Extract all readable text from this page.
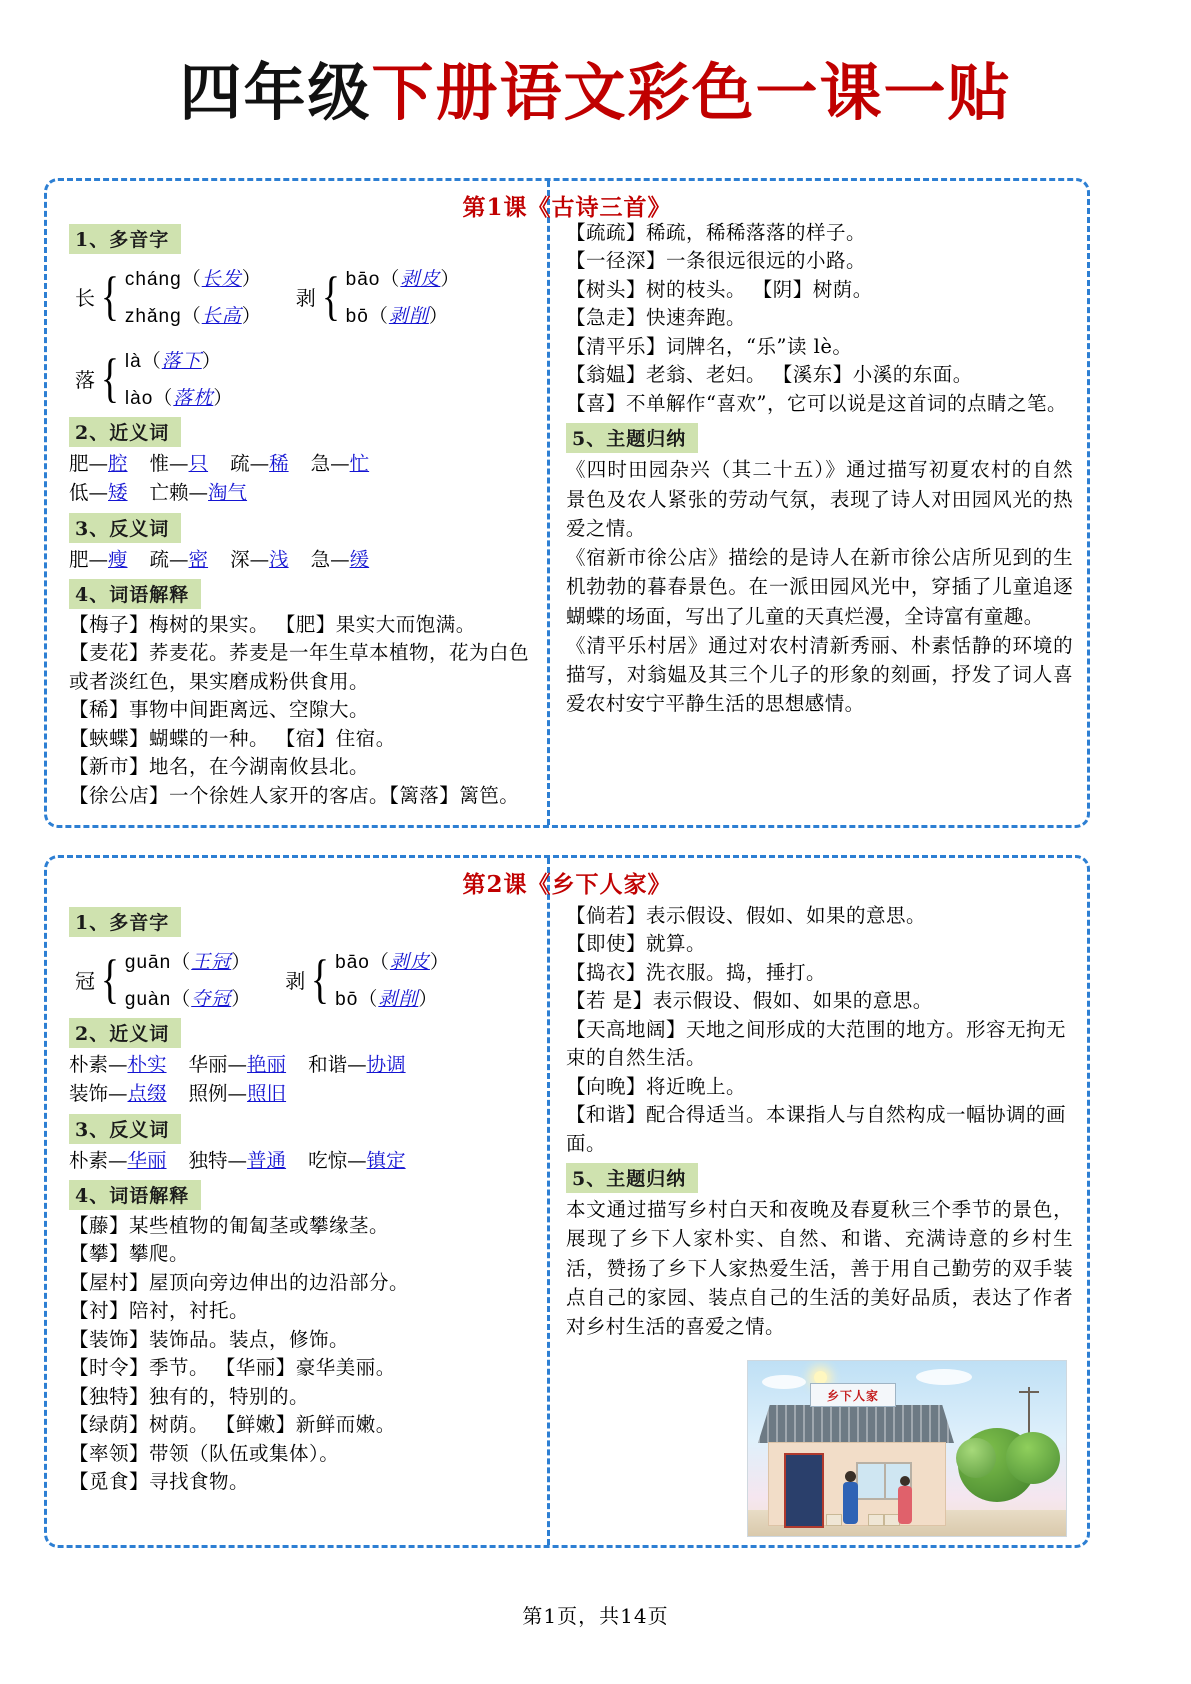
四年级下册语文彩色一课一贴
第1课《古诗三首》
1、多音字
长 { cháng（长发）
zhǎng（长高）
剥 { bāo（剥皮）
bō（剥削）
落 { là（落下）
lào（落枕）
2、近义词
肥—腔 惟—只 疏—稀 急—忙
低—矮 亡赖—淘气
3、反义词
肥—瘦 疏—密 深—浅 急—缓
4、词语解释
【梅子】梅树的果实。 【肥】果实大而饱满。
【麦花】荞麦花。荞麦是一年生草本植物，花为白色或者淡红色，果实磨成粉供食用。
【稀】事物中间距离远、空隙大。
【蛺蝶】蝴蝶的一种。 【宿】住宿。
【新市】地名，在今湖南攸县北。
【徐公店】一个徐姓人家开的客店。【篱落】篱笆。
【疏疏】稀疏，稀稀落落的样子。
【一径深】一条很远很远的小路。
【树头】树的枝头。 【阴】树荫。
【急走】快速奔跑。
【清平乐】词牌名，“乐”读 lè。
【翁媪】老翁、老妇。 【溪东】小溪的东面。
【喜】不单解作“喜欢”，它可以说是这首词的点睛之笔。
5、主题归纳
《四时田园杂兴（其二十五）》通过描写初夏农村的自然景色及农人紧张的劳动气氛，表现了诗人对田园风光的热爱之情。
《宿新市徐公店》描绘的是诗人在新市徐公店所见到的生机勃勃的暮春景色。在一派田园风光中，穿插了儿童追逐蝴蝶的场面，写出了儿童的天真烂漫，全诗富有童趣。
《清平乐村居》通过对农村清新秀丽、朴素恬静的环境的描写，对翁媪及其三个儿子的形象的刻画，抒发了词人喜爱农村安宁平静生活的思想感情。
第2课《乡下人家》
1、多音字
冠 { guān（王冠）
guàn（夺冠）
剥 { bāo（剥皮）
bō（剥削）
2、近义词
朴素—朴实 华丽—艳丽 和谐—协调
装饰—点缀 照例—照旧
3、反义词
朴素—华丽 独特—普通 吃惊—镇定
4、词语解释
【藤】某些植物的匍匐茎或攀缘茎。
【攀】攀爬。
【屋村】屋顶向旁边伸出的边沿部分。
【衬】陪衬，衬托。
【装饰】装饰品。装点，修饰。
【时令】季节。 【华丽】豪华美丽。
【独特】独有的，特别的。
【绿荫】树荫。 【鲜嫩】新鲜而嫩。
【率领】带领（队伍或集体）。
【觅食】寻找食物。
【倘若】表示假设、假如、如果的意思。
【即使】就算。
【捣衣】洗衣服。捣，捶打。
【若 是】表示假设、假如、如果的意思。
【天高地阔】天地之间形成的大范围的地方。形容无拘无束的自然生活。
【向晚】将近晚上。
【和谐】配合得适当。本课指人与自然构成一幅协调的画面。
5、主题归纳
本文通过描写乡村白天和夜晚及春夏秋三个季节的景色，展现了乡下人家朴实、自然、和谐、充满诗意的乡村生活，赞扬了乡下人家热爱生活，善于用自己勤劳的双手装点自己的家园、装点自己的生活的美好品质，表达了作者对乡村生活的喜爱之情。
乡下人家
第1页，共14页
